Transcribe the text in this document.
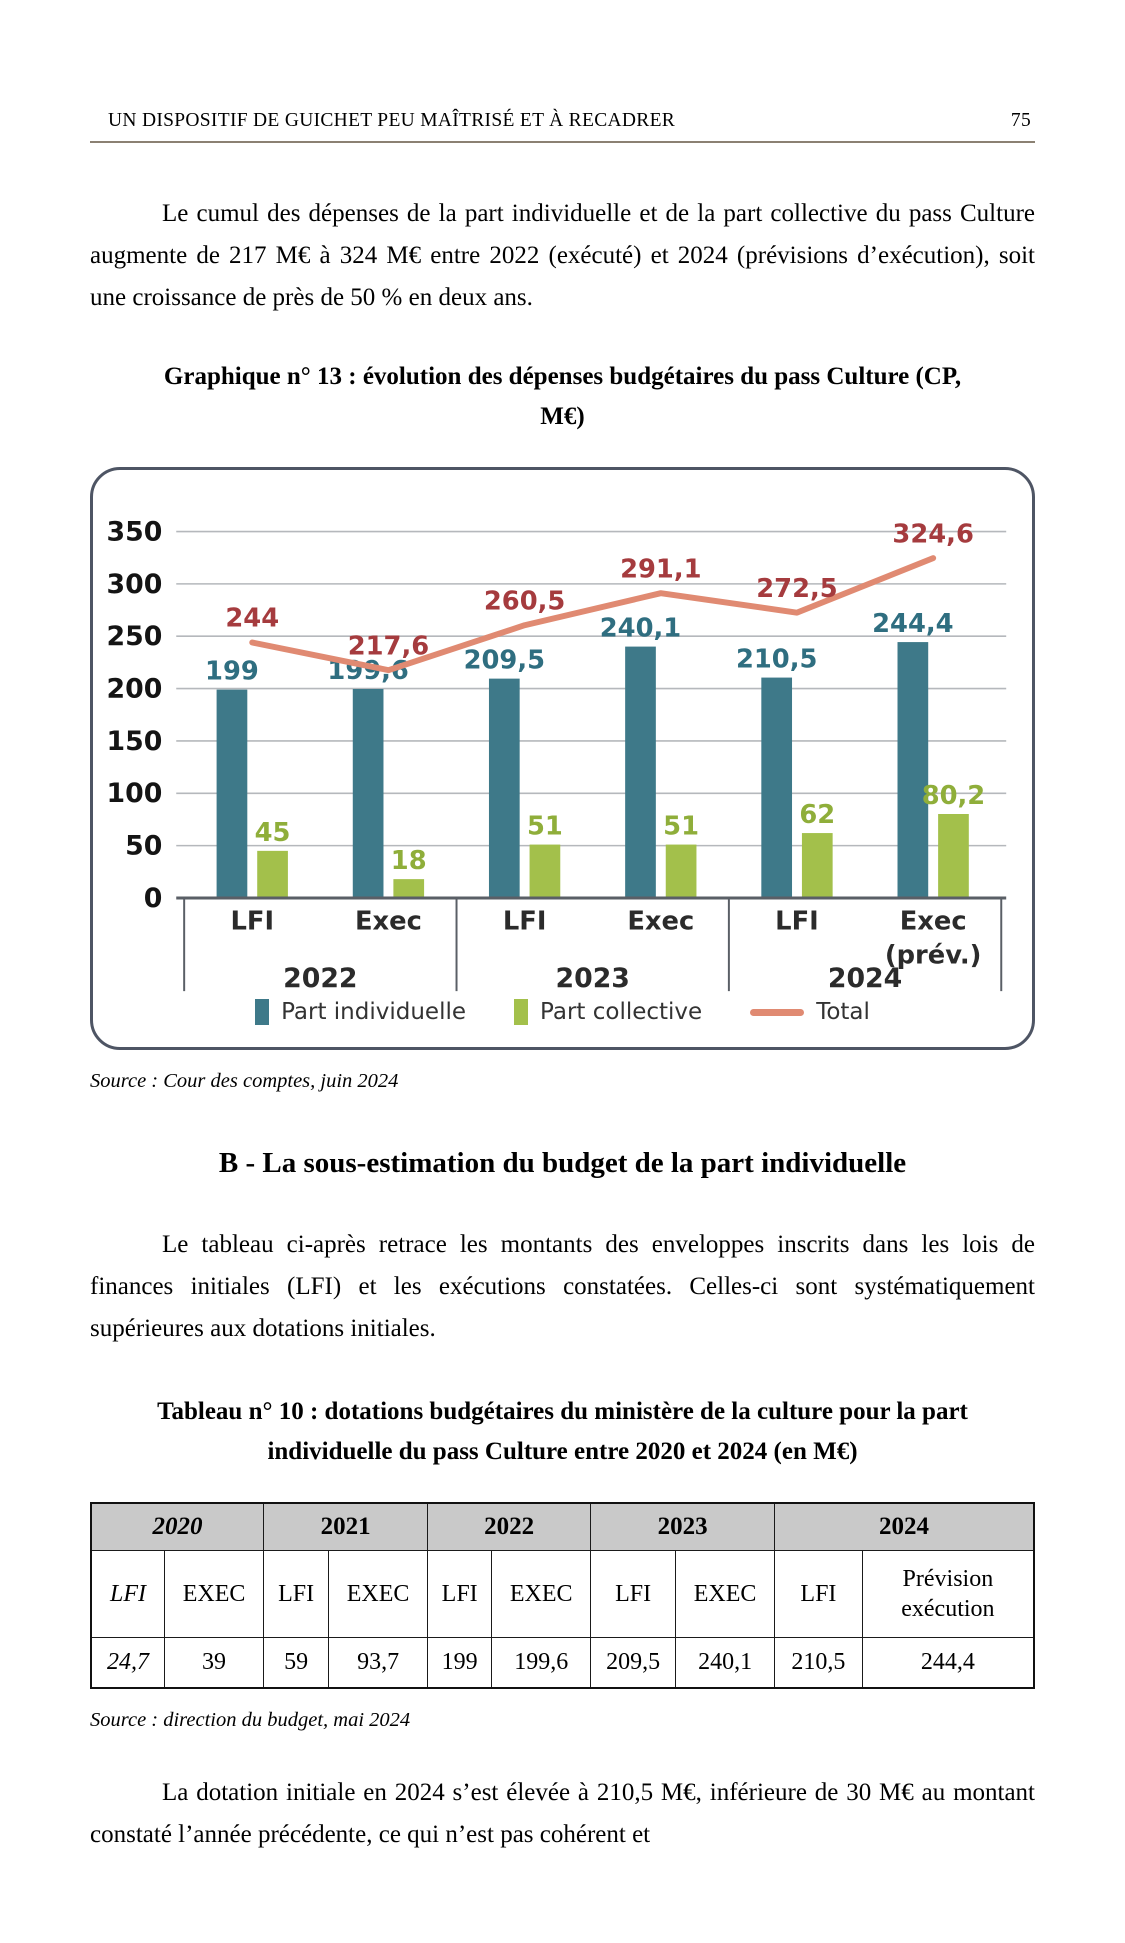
UN DISPOSITIF DE GUICHET PEU MAÎTRISÉ ET À RECADRER	75

Le cumul des dépenses de la part individuelle et de la part collective du pass Culture augmente de 217 M€ à 324 M€ entre 2022 (exécuté) et 2024 (prévisions d’exécution), soit une croissance de près de 50 % en deux ans.

Graphique n° 13 : évolution des dépenses budgétaires du pass Culture (CP, M€)
0
50
100
150
200
250
300
350
199	199,6 209,5
240,1
210,5
244,4
45
18
51	51	62
80,2
244
217,6
260,5
291,1
272,5
324,6
LFI	Exec	LFI	Exec	LFI	Exec
(prév.)
2022	2023	2024
Part individuelle	Part collective	Total

Source : Cour des comptes, juin 2024

B - La sous-estimation du budget de la part individuelle

Le tableau ci-après retrace les montants des enveloppes inscrits dans les lois de finances initiales (LFI) et les exécutions constatées. Celles-ci sont systématiquement supérieures aux dotations initiales.

Tableau n° 10 : dotations budgétaires du ministère de la culture pour la part individuelle du pass Culture entre 2020 et 2024 (en M€)
2020		2021		2022		2023		2024	
LFI	EXEC	LFI	EXEC	LFI	EXEC	LFI	EXEC	LFI	Prévision exécution
24,7	39	59	93,7	199	199,6	209,5	240,1	210,5	244,4

Source : direction du budget, mai 2024

La dotation initiale en 2024 s’est élevée à 210,5 M€, inférieure de 30 M€ au montant constaté l’année précédente, ce qui n’est pas cohérent et
